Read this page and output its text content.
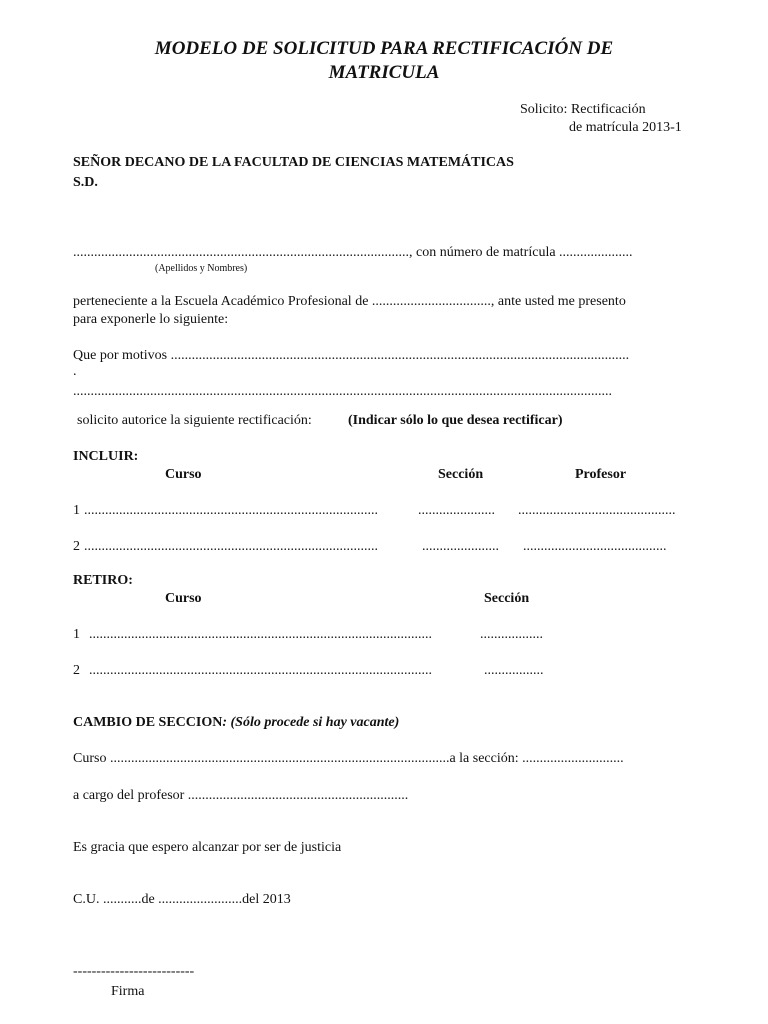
MODELO DE SOLICITUD PARA RECTIFICACIÓN DE
MATRICULA
Solicito: Rectificación
de matrícula 2013-1
SEÑOR DECANO DE LA FACULTAD DE CIENCIAS MATEMÁTICAS
S.D.
................................................................................................, con número de matrícula .....................
(Apellidos y Nombres)
perteneciente a la Escuela Académico Profesional de .................................., ante usted me presento
para exponerle lo siguiente:
Que por motivos ...................................................................................................................................
.
..........................................................................................................................................................
solicito autorice la siguiente rectificación:	(Indicar sólo lo que desea rectificar)
INCLUIR:
Curso	Sección	Profesor
1 ....................................................................................	...................... .............................................
2 ....................................................................................	...................... .........................................
RETIRO:
Curso	Sección
1 ..................................................................................................	..................
2 ..................................................................................................	.................
CAMBIO DE SECCION: (Sólo procede si hay vacante)
Curso .................................................................................................a la sección: .............................
a cargo del profesor ...............................................................
Es gracia que espero alcanzar por ser de justicia
C.U. ...........de ........................del 2013
--------------------------
Firma
